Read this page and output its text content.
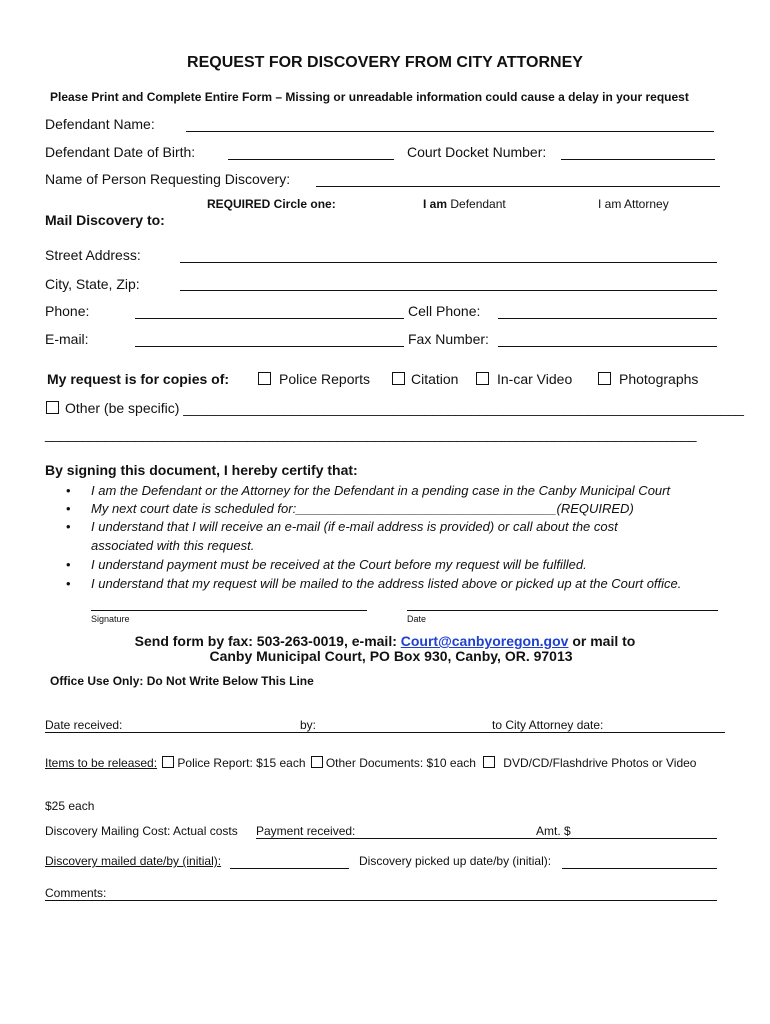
REQUEST FOR DISCOVERY FROM CITY ATTORNEY
Please Print and Complete Entire Form – Missing or unreadable information could cause a delay in your request
Defendant Name:
Defendant Date of Birth:	Court Docket Number:
Name of Person Requesting Discovery:
REQUIRED Circle one:	I am Defendant	I am Attorney
Mail Discovery to:
Street Address:
City, State, Zip:
Phone:	Cell Phone:
E-mail:	Fax Number:
My request is for copies of:	Police Reports	Citation	In-car Video	Photographs
Other (be specific) ________________________________________________________________________
_______________________________________________________________________________________
By signing this document, I hereby certify that:
• I am the Defendant or the Attorney for the Defendant in a pending case in the Canby Municipal Court
• My next court date is scheduled for:____________________________________(REQUIRED)
• I understand that I will receive an e-mail (if e-mail address is provided) or call about the cost
associated with this request.
• I understand payment must be received at the Court before my request will be fulfilled.
• I understand that my request will be mailed to the address listed above or picked up at the Court office.
Signature	Date
Send form by fax: 503-263-0019, e-mail: Court@canbyoregon.gov or mail to
Canby Municipal Court, PO Box 930, Canby, OR. 97013
Office Use Only: Do Not Write Below This Line
Date received:	by:	to City Attorney date:
Items to be released: Police Report: $15 each Other Documents: $10 each DVD/CD/Flashdrive Photos or Video
$25 each
Discovery Mailing Cost: Actual costs Payment received:	Amt. $
Discovery mailed date/by (initial):	Discovery picked up date/by (initial):
Comments:
